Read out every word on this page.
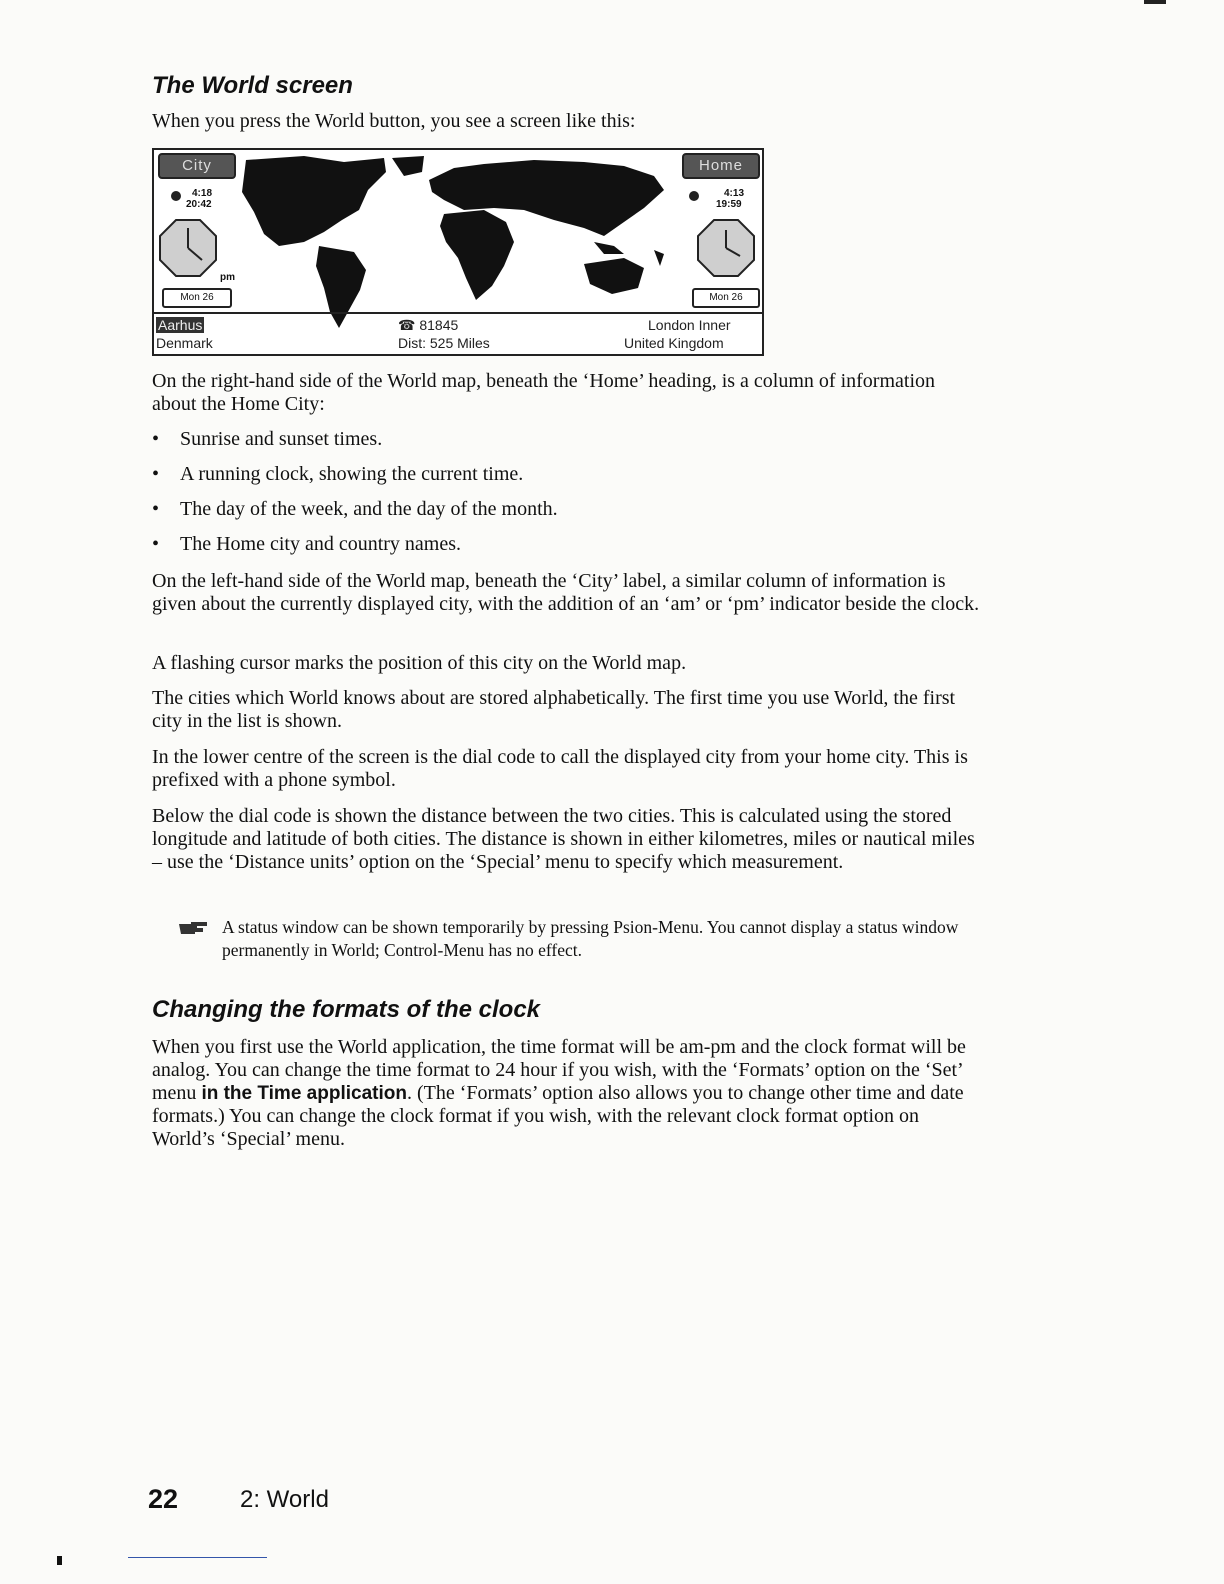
The World screen

When you press the World button, you see a screen like this:

City	Home
4:18
20:42
4:13
19:59
pm
Mon 26	Mon 26
Aarhus
Denmark
☎ 81845
Dist: 525 Miles
London Inner
United Kingdom

On the right-hand side of the World map, beneath the ‘Home’ heading, is a column of information about the Home City:

•	Sunrise and sunset times.
•	A running clock, showing the current time.
•	The day of the week, and the day of the month.
•	The Home city and country names.

On the left-hand side of the World map, beneath the ‘City’ label, a similar column of information is given about the currently displayed city, with the addition of an ‘am’ or ‘pm’ indicator beside the clock.

A flashing cursor marks the position of this city on the World map.

The cities which World knows about are stored alphabetically. The first time you use World, the first city in the list is shown.

In the lower centre of the screen is the dial code to call the displayed city from your home city. This is prefixed with a phone symbol.

Below the dial code is shown the distance between the two cities. This is calculated using the stored longitude and latitude of both cities. The distance is shown in either kilometres, miles or nautical miles – use the ‘Distance units’ option on the ‘Special’ menu to specify which measurement.

A status window can be shown temporarily by pressing Psion-Menu. You cannot display a status window permanently in World; Control-Menu has no effect.

Changing the formats of the clock

When you first use the World application, the time format will be am-pm and the clock format will be analog. You can change the time format to 24 hour if you wish, with the ‘Formats’ option on the ‘Set’ menu in the Time application. (The ‘Formats’ option also allows you to change other time and date formats.) You can change the clock format if you wish, with the relevant clock format option on World’s ‘Special’ menu.

22	2: World
